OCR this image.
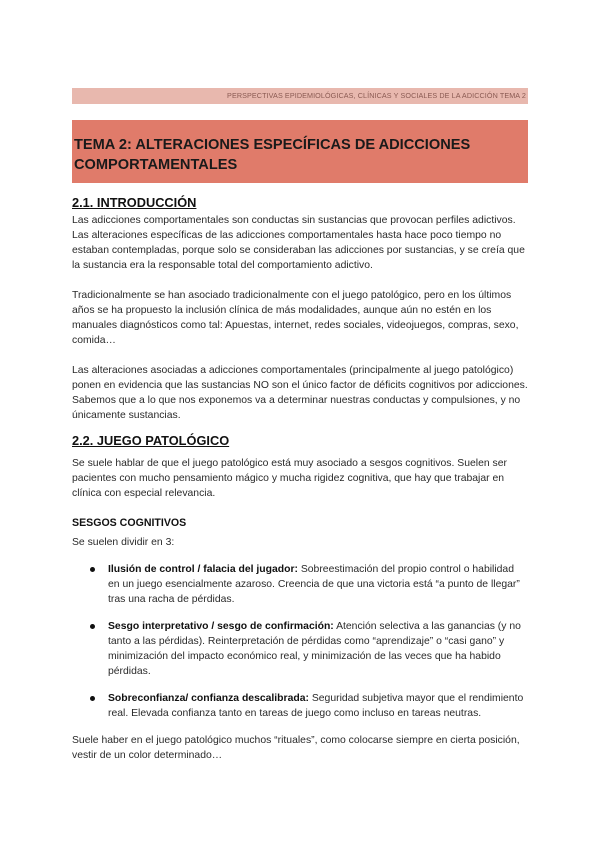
PERSPECTIVAS EPIDEMIOLÓGICAS, CLÍNICAS Y SOCIALES DE LA ADICCIÓN TEMA 2
TEMA 2: ALTERACIONES ESPECÍFICAS DE ADICCIONES COMPORTAMENTALES
2.1. INTRODUCCIÓN

Las adicciones comportamentales son conductas sin sustancias que provocan perfiles adictivos. Las alteraciones específicas de las adicciones comportamentales hasta hace poco tiempo no estaban contempladas, porque solo se consideraban las adicciones por sustancias, y se creía que la sustancia era la responsable total del comportamiento adictivo.

Tradicionalmente se han asociado tradicionalmente con el juego patológico, pero en los últimos años se ha propuesto la inclusión clínica de más modalidades, aunque aún no estén en los manuales diagnósticos como tal: Apuestas, internet, redes sociales, videojuegos, compras, sexo, comida…

Las alteraciones asociadas a adicciones comportamentales (principalmente al juego patológico) ponen en evidencia que las sustancias NO son el único factor de déficits cognitivos por adicciones. Sabemos que a lo que nos exponemos va a determinar nuestras conductas y compulsiones, y no únicamente sustancias.

2.2. JUEGO PATOLÓGICO

Se suele hablar de que el juego patológico está muy asociado a sesgos cognitivos. Suelen ser pacientes con mucho pensamiento mágico y mucha rigidez cognitiva, que hay que trabajar en clínica con especial relevancia.

SESGOS COGNITIVOS

Se suelen dividir en 3:

Ilusión de control / falacia del jugador: Sobreestimación del propio control o habilidad en un juego esencialmente azaroso. Creencia de que una victoria está “a punto de llegar” tras una racha de pérdidas.
Sesgo interpretativo / sesgo de confirmación: Atención selectiva a las ganancias (y no tanto a las pérdidas). Reinterpretación de pérdidas como “aprendizaje” o “casi gano” y minimización del impacto económico real, y minimización de las veces que ha habido pérdidas.
Sobreconfianza/ confianza descalibrada: Seguridad subjetiva mayor que el rendimiento real. Elevada confianza tanto en tareas de juego como incluso en tareas neutras.

Suele haber en el juego patológico muchos “rituales”, como colocarse siempre en cierta posición, vestir de un color determinado…
